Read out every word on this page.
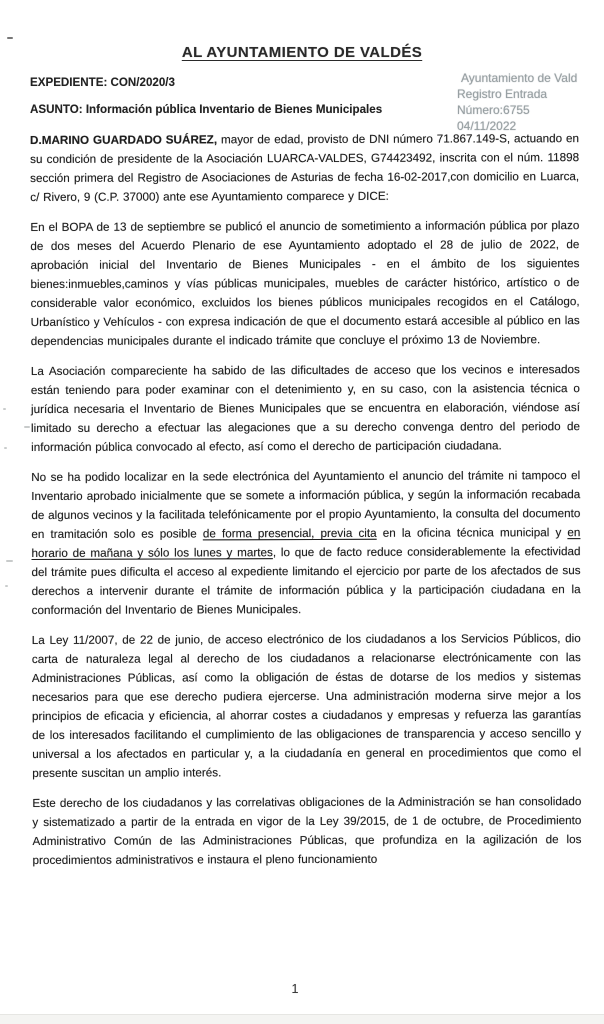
AL AYUNTAMIENTO DE VALDÉS
EXPEDIENTE: CON/2020/3
ASUNTO: Información pública Inventario de Bienes Municipales
Ayuntamiento de Vald
Registro Entrada
Número:6755
04/11/2022

D.MARINO GUARDADO SUÁREZ, mayor de edad, provisto de DNI número 71.867.149-S, actuando en su condición de presidente de la Asociación LUARCA-VALDES, G74423492, inscrita con el núm. 11898 sección primera del Registro de Asociaciones de Asturias de fecha 16-02-2017,con domicilio en Luarca, c/ Rivero, 9 (C.P. 37000) ante ese Ayuntamiento comparece y DICE:

En el BOPA de 13 de septiembre se publicó el anuncio de sometimiento a información pública por plazo de dos meses del Acuerdo Plenario de ese Ayuntamiento adoptado el 28 de julio de 2022, de aprobación inicial del Inventario de Bienes Municipales - en el ámbito de los siguientes bienes:inmuebles,caminos y vías públicas municipales, muebles de carácter histórico, artístico o de considerable valor económico, excluidos los bienes públicos municipales recogidos en el Catálogo, Urbanístico y Vehículos - con expresa indicación de que el documento estará accesible al público en las dependencias municipales durante el indicado trámite que concluye el próximo 13 de Noviembre.

La Asociación compareciente ha sabido de las dificultades de acceso que los vecinos e interesados están teniendo para poder examinar con el detenimiento y, en su caso, con la asistencia técnica o jurídica necesaria el Inventario de Bienes Municipales que se encuentra en elaboración, viéndose así limitado su derecho a efectuar las alegaciones que a su derecho convenga dentro del periodo de información pública convocado al efecto, así como el derecho de participación ciudadana.

No se ha podido localizar en la sede electrónica del Ayuntamiento el anuncio del trámite ni tampoco el Inventario aprobado inicialmente que se somete a información pública, y según la información recabada de algunos vecinos y la facilitada telefónicamente por el propio Ayuntamiento, la consulta del documento en tramitación solo es posible de forma presencial, previa cita en la oficina técnica municipal y en horario de mañana y sólo los lunes y martes, lo que de facto reduce considerablemente la efectividad del trámite pues dificulta el acceso al expediente limitando el ejercicio por parte de los afectados de sus derechos a intervenir durante el trámite de información pública y la participación ciudadana en la conformación del Inventario de Bienes Municipales.

La Ley 11/2007, de 22 de junio, de acceso electrónico de los ciudadanos a los Servicios Públicos, dio carta de naturaleza legal al derecho de los ciudadanos a relacionarse electrónicamente con las Administraciones Públicas, así como la obligación de éstas de dotarse de los medios y sistemas necesarios para que ese derecho pudiera ejercerse. Una administración moderna sirve mejor a los principios de eficacia y eficiencia, al ahorrar costes a ciudadanos y empresas y refuerza las garantías de los interesados facilitando el cumplimiento de las obligaciones de transparencia y acceso sencillo y universal a los afectados en particular y, a la ciudadanía en general en procedimientos que como el presente suscitan un amplio interés.

Este derecho de los ciudadanos y las correlativas obligaciones de la Administración se han consolidado y sistematizado a partir de la entrada en vigor de la Ley 39/2015, de 1 de octubre, de Procedimiento Administrativo Común de las Administraciones Públicas, que profundiza en la agilización de los procedimientos administrativos e instaura el pleno funcionamiento

1
